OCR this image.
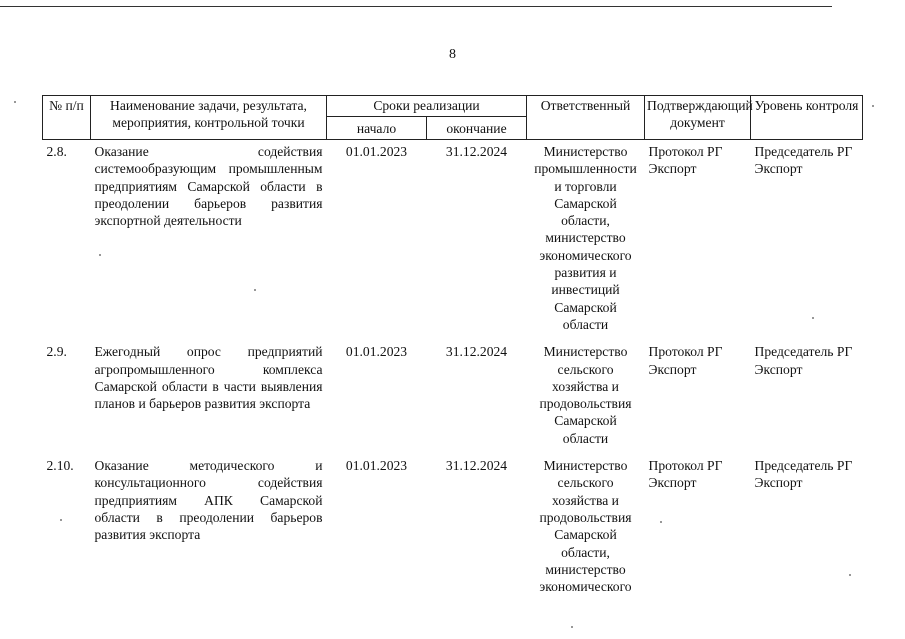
8
№ п/п	Наименование задачи, результата, мероприятия, контрольной точки	Сроки реализации		Ответственный	Подтверждающий документ	Уровень контроля
		начало	окончание			
2.8.	Оказание содействия системообразующим промышленным предприятиям Самарской области в преодолении барьеров развития экспортной деятельности	01.01.2023	31.12.2024	Министерство промышленности и торговли Самарской области, министерство экономического развития и инвестиций Самарской области	Протокол РГ Экспорт	Председатель РГ Экспорт
2.9.	Ежегодный опрос предприятий агропромышленного комплекса Самарской области в части выявления планов и барьеров развития экспорта	01.01.2023	31.12.2024	Министерство сельского хозяйства и продовольствия Самарской области	Протокол РГ Экспорт	Председатель РГ Экспорт
2.10.	Оказание методического и консультационного содействия предприятиям АПК Самарской области в преодолении барьеров развития экспорта	01.01.2023	31.12.2024	Министерство сельского хозяйства и продовольствия Самарской области, министерство экономического	Протокол РГ Экспорт	Председатель РГ Экспорт
